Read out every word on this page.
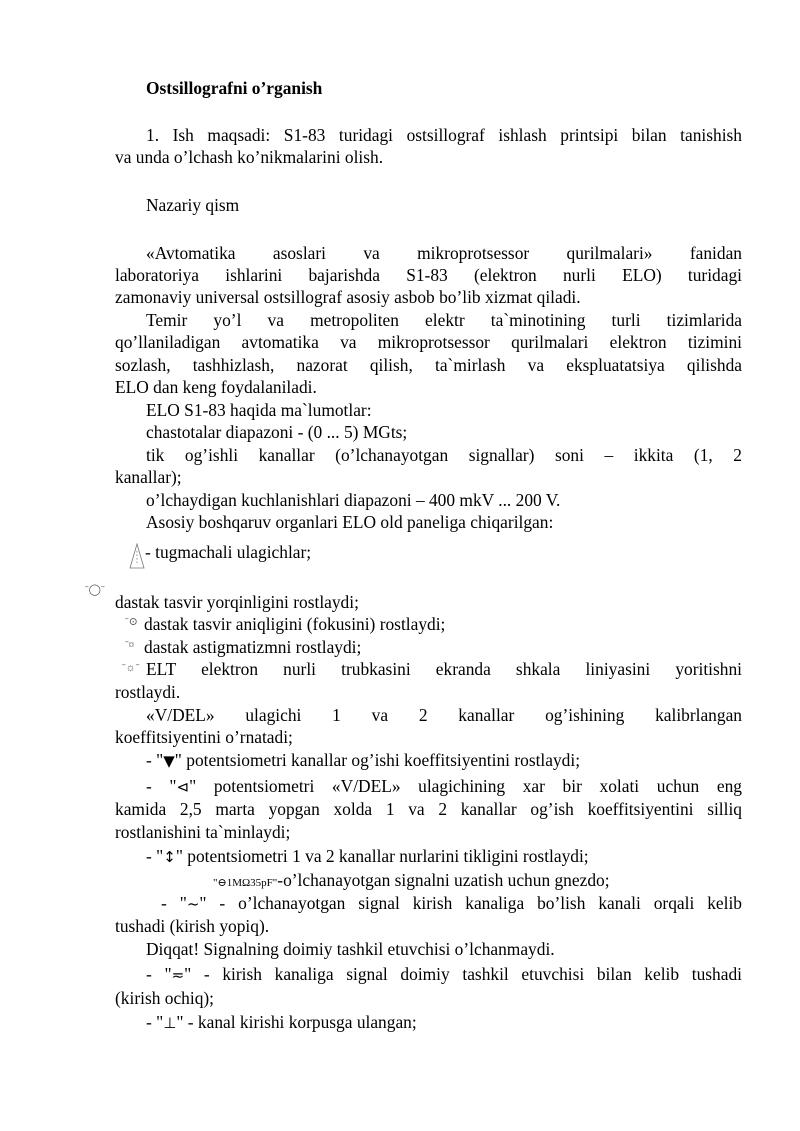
Ostsillografni o’rganish
1. Ish maqsadi: S1-83 turidagi ostsillograf ishlash printsipi bilan tanishish
va unda o’lchash ko’nikmalarini olish.
Nazariy qism
«Avtomatika asoslari va mikroprotsessor qurilmalari» fanidan
laboratoriya ishlarini bajarishda S1-83 (elektron nurli ELO) turidagi
zamonaviy universal ostsillograf asosiy asbob bo’lib xizmat qiladi.
Temir yo’l va metropoliten elektr ta`minotining turli tizimlarida
qo’llaniladigan avtomatika va mikroprotsessor qurilmalari elektron tizimini
sozlash, tashhizlash, nazorat qilish, ta`mirlash va ekspluatatsiya qilishda
ELO dan keng foydalaniladi.
ELO S1-83 haqida ma`lumotlar:
chastotalar diapazoni - (0 ... 5) MGts;
tik og’ishli kanallar (o’lchanayotgan signallar) soni – ikkita (1, 2
kanallar);
o’lchaydigan kuchlanishlari diapazoni – 400 mkV ... 200 V.
Asosiy boshqaruv organlari ELO old paneliga chiqarilgan:
- tugmachali ulagichlar;
ˉ◯ˉ
dastak tasvir yorqinligini rostlaydi;
ˉ⊙ dastak tasvir aniqligini (fokusini) rostlaydi;
ˉ¤ dastak astigmatizmni rostlaydi;
ˉ☼ˉ ELT elektron nurli trubkasini ekranda shkala liniyasini yoritishni
rostlaydi.
«V/DEL» ulagichi 1 va 2 kanallar og’ishining kalibrlangan
koeffitsiyentini o’rnatadi;
- "▼" potentsiometri kanallar og’ishi koeffitsiyentini rostlaydi;
- "⊲" potentsiometri «V/DEL» ulagichining xar bir xolati uchun eng
kamida 2,5 marta yopgan xolda 1 va 2 kanallar og’ish koeffitsiyentini silliq
rostlanishini ta`minlaydi;
- "↕" potentsiometri 1 va 2 kanallar nurlarini tikligini rostlaydi;
"⊖1MΩ35pF"-o’lchanayotgan signalni uzatish uchun gnezdo;
- "~" - o’lchanayotgan signal kirish kanaliga bo’lish kanali orqali kelib
tushadi (kirish yopiq).
Diqqat! Signalning doimiy tashkil etuvchisi o’lchanmaydi.
- "≂" - kirish kanaliga signal doimiy tashkil etuvchisi bilan kelib tushadi
(kirish ochiq);
- "⊥" - kanal kirishi korpusga ulangan;
